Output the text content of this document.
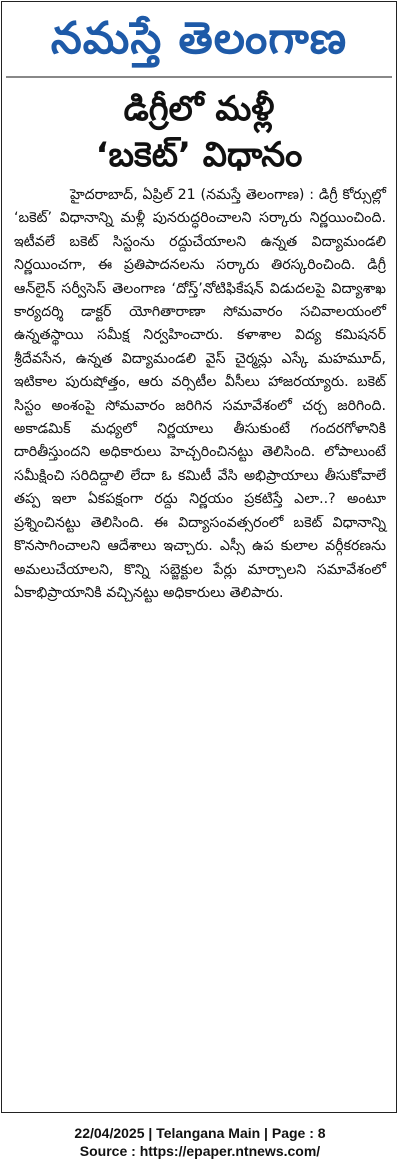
నమస్తే తెలంగాణ
డిగ్రీలో మళ్లీ
‘బకెట్’ విధానం

హైదరాబాద్, ఏప్రిల్ 21 (నమస్తే తెలంగాణ) : డిగ్రీ కోర్సుల్లో ‘బకెట్’ విధానాన్ని మళ్లీ పునరుద్ధరించాలని సర్కారు నిర్ణయించింది. ఇటీవలే బకెట్ సిస్టంను రద్దుచేయాలని ఉన్నత విద్యామండలి నిర్ణయించగా, ఈ ప్రతిపాదనలను సర్కారు తిరస్కరించింది. డిగ్రీ ఆన్‌లైన్ సర్వీసెస్ తెలంగాణ ‘దోస్త్’నోటిఫికేషన్ విడుదలపై విద్యాశాఖ కార్యదర్శి డాక్టర్ యోగితారాణా సోమవారం సచివాలయంలో ఉన్నతస్థాయి సమీక్ష నిర్వహించారు. కళాశాల విద్య కమిషనర్ శ్రీదేవసేన, ఉన్నత విద్యామండలి వైస్ చైర్మన్లు ఎస్కే మహమూద్, ఇటికాల పురుషోత్తం, ఆరు వర్సిటీల వీసీలు హాజరయ్యారు. బకెట్ సిస్టం అంశంపై సోమవారం జరిగిన సమావేశంలో చర్చ జరిగింది. అకాడమిక్ మధ్యలో నిర్ణయాలు తీసుకుంటే గందరగోళానికి దారితీస్తుందని అధికారులు హెచ్చరించినట్టు తెలిసింది. లోపాలుంటే సమీక్షించి సరిదిద్దాలి లేదా ఓ కమిటీ వేసి అభిప్రాయాలు తీసుకోవాలే తప్ప ఇలా ఏకపక్షంగా రద్దు నిర్ణయం ప్రకటిస్తే ఎలా..? అంటూ ప్రశ్నించినట్టు తెలిసింది. ఈ విద్యాసంవత్సరంలో బకెట్ విధానాన్ని కొనసాగించాలని ఆదేశాలు ఇచ్చారు. ఎస్సీ ఉప కులాల వర్గీకరణను అమలుచేయాలని, కొన్ని సబ్జెక్టుల పేర్లు మార్చాలని సమావేశంలో ఏకాభిప్రాయానికి వచ్చినట్టు అధికారులు తెలిపారు.

22/04/2025 | Telangana Main | Page : 8
Source : https://epaper.ntnews.com/
